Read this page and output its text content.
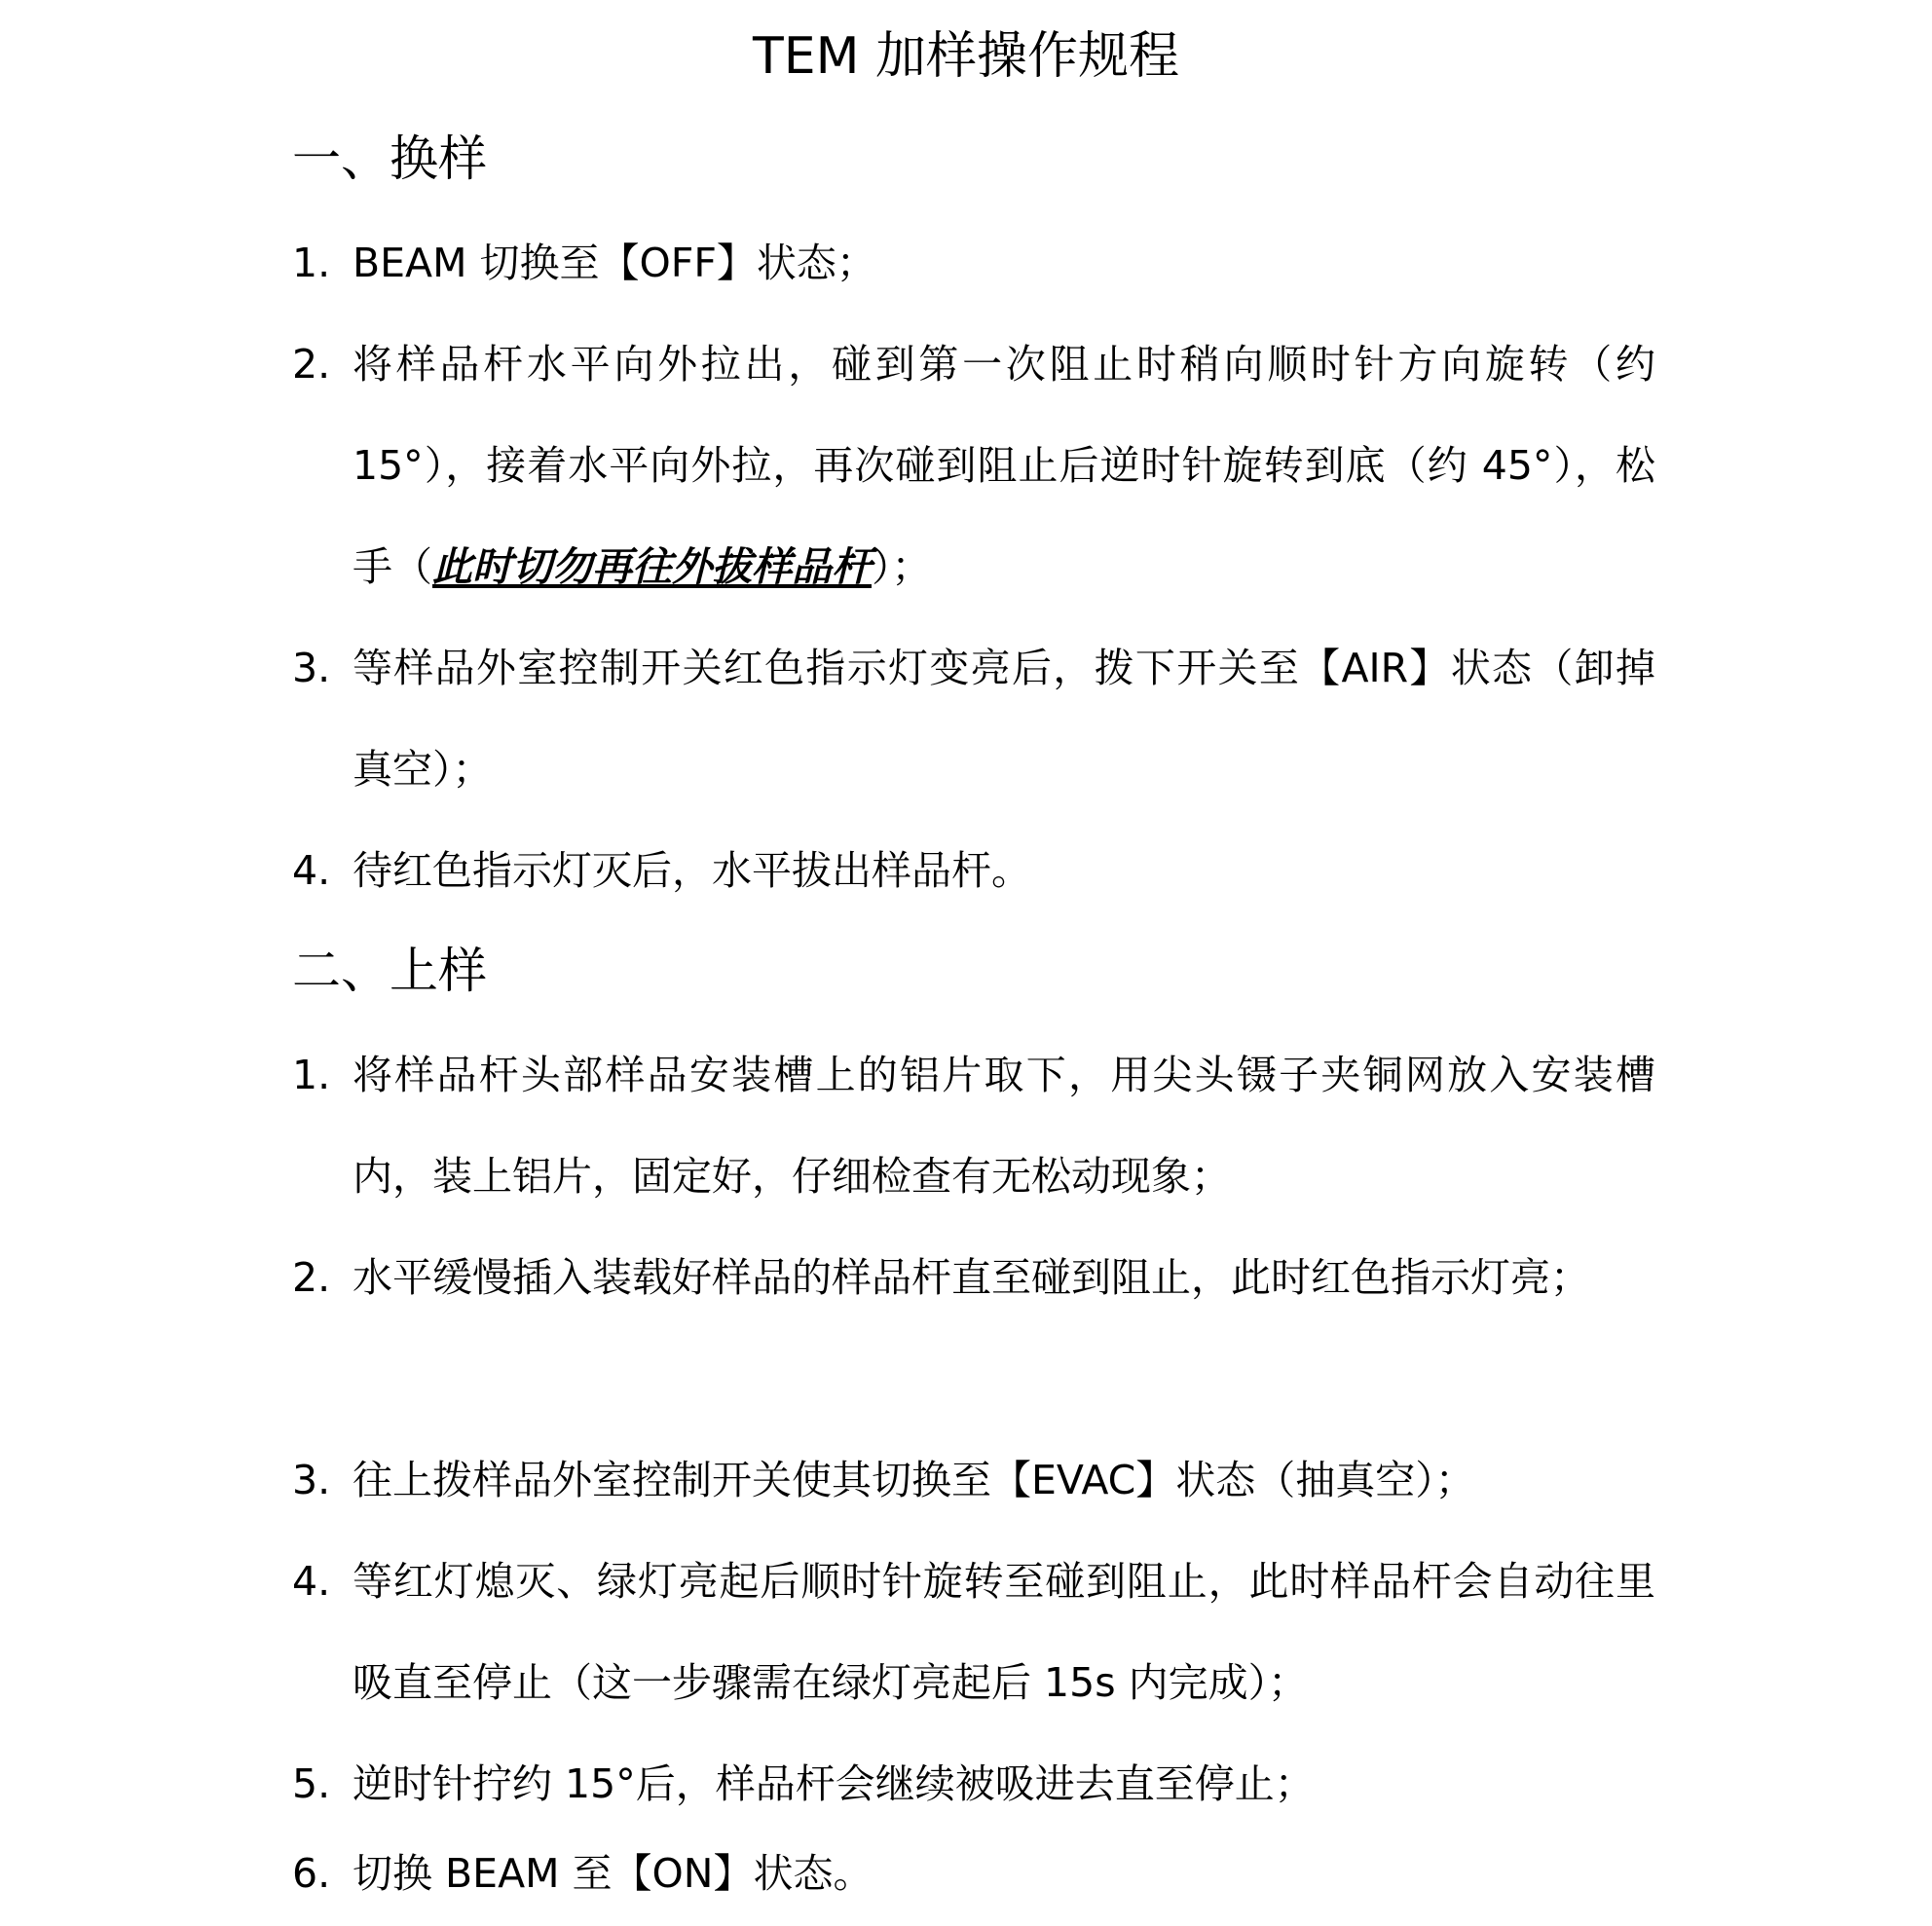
TEM 加样操作规程
一、换样
1. BEAM 切换至【OFF】状态；
2. 将样品杆水平向外拉出，碰到第一次阻止时稍向顺时针方向旋转（约 15°），接着水平向外拉，再次碰到阻止后逆时针旋转到底（约 45°），松手（此时切勿再往外拔样品杆）；
3. 等样品外室控制开关红色指示灯变亮后，拨下开关至【AIR】状态（卸掉真空）；
4. 待红色指示灯灭后，水平拔出样品杆。
二、上样
1. 将样品杆头部样品安装槽上的铝片取下，用尖头镊子夹铜网放入安装槽内，装上铝片，固定好，仔细检查有无松动现象；
2. 水平缓慢插入装载好样品的样品杆直至碰到阻止，此时红色指示灯亮；
3. 往上拨样品外室控制开关使其切换至【EVAC】状态（抽真空）；
4. 等红灯熄灭、绿灯亮起后顺时针旋转至碰到阻止，此时样品杆会自动往里吸直至停止（这一步骤需在绿灯亮起后 15s 内完成）；
5. 逆时针拧约 15°后，样品杆会继续被吸进去直至停止；
6. 切换 BEAM 至【ON】状态。
